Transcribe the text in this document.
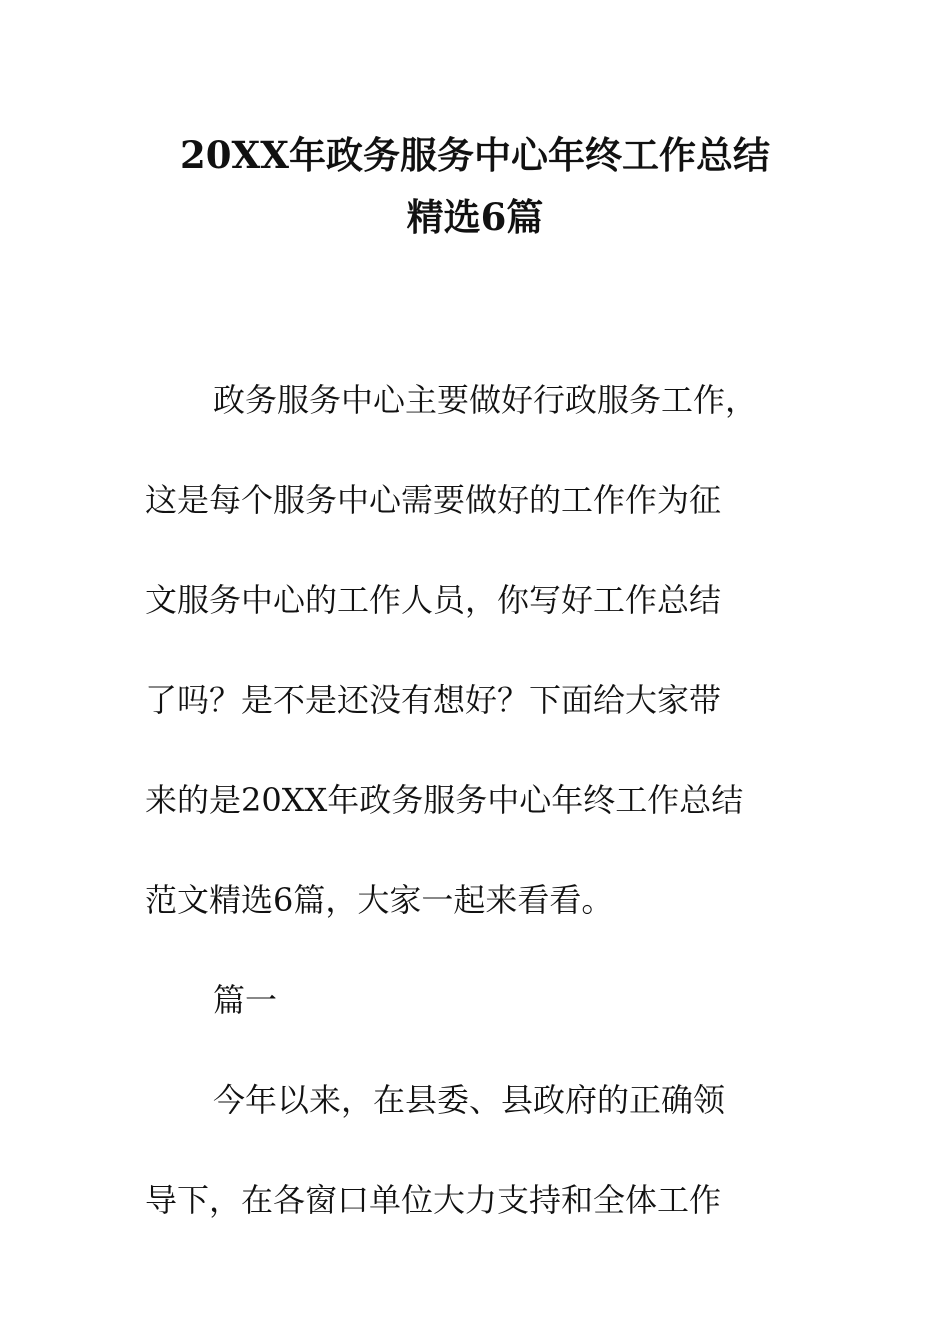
20XX年政务服务中心年终工作总结
精选6篇
政务服务中心主要做好行政服务工作，
这是每个服务中心需要做好的工作作为征
文服务中心的工作人员，你写好工作总结
了吗？是不是还没有想好？下面给大家带
来的是20XX年政务服务中心年终工作总结
范文精选6篇，大家一起来看看。
篇一
今年以来，在县委、县政府的正确领
导下，在各窗口单位大力支持和全体工作
